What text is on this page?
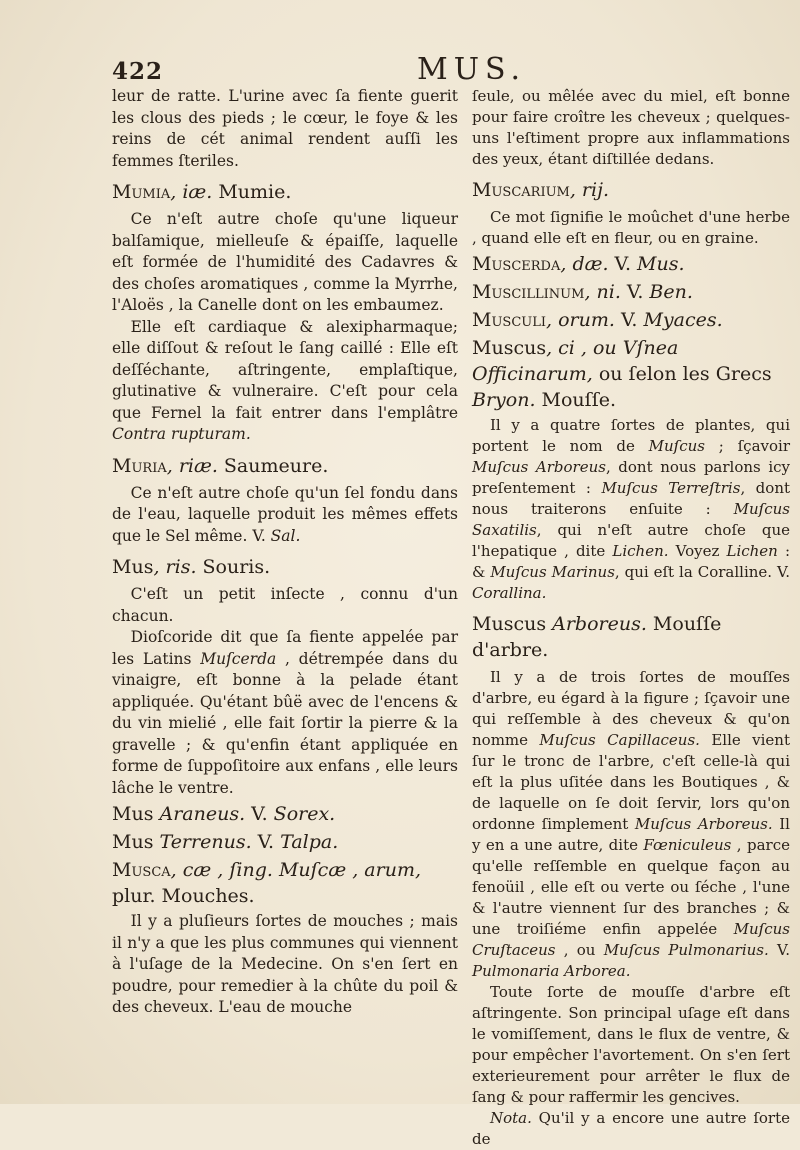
422	MUS.

leur de ratte. L'urine avec ſa fiente guerit les clous des pieds ; le cœur, le foye & les reins de cét animal rendent auſſi les femmes ſteriles.

Mumia, iæ. Mumie.

Ce n'eſt autre choſe qu'une liqueur balſamique, mielleuſe & épaiſſe, laquelle eſt formée de l'humidité des Cadavres & des choſes aromatiques , comme la Myrrhe, l'Aloës , la Canelle dont on les embaumez.

Elle eſt cardiaque & alexipharmaque; elle diſſout & reſout le ſang caillé : Elle eſt deſſéchante, aſtringente, emplaſtique, glutinative & vulneraire. C'eſt pour cela que Fernel la fait entrer dans l'emplâtre Contra rupturam.

Muria, riæ. Saumeure.

Ce n'eſt autre choſe qu'un ſel fondu dans de l'eau, laquelle produit les mêmes effets que le Sel même. V. Sal.

Mus, ris. Souris.

C'eſt un petit inſecte , connu d'un chacun.

Dioſcoride dit que ſa fiente appelée par les Latins Muſcerda , détrempée dans du vinaigre, eſt bonne à la pelade étant appliquée. Qu'étant bûë avec de l'encens & du vin mielié , elle fait ſortir la pierre & la gravelle ; & qu'enfin étant appliquée en forme de ſuppoſitoire aux enfans , elle leurs lâche le ventre.

Mus Araneus. V. Sorex.
Mus Terrenus. V. Talpa.
Musca, cæ , ſing. Muſcæ , arum, plur. Mouches.

Il y a pluſieurs ſortes de mouches ; mais il n'y a que les plus communes qui viennent à l'uſage de la Medecine. On s'en ſert en poudre, pour remedier à la chûte du poil & des cheveux. L'eau de mouche

ſeule, ou mêlée avec du miel, eſt bonne pour faire croître les cheveux ; quelques-uns l'eſtiment propre aux inflammations des yeux, étant diſtillée dedans.

Muscarium, rij.

Ce mot ſignifie le moûchet d'une herbe , quand elle eſt en fleur, ou en graine.

Muscerda, dæ. V. Mus.
Muscillinum, ni. V. Ben.
Musculi, orum. V. Myaces.
Muscus, ci , ou Vſnea Officinarum, ou ſelon les Grecs Bryon. Mouſſe.

Il y a quatre ſortes de plantes, qui portent le nom de Muſcus ; ſçavoir Muſcus Arboreus, dont nous parlons icy preſentement : Muſcus Terreſtris, dont nous traiterons enſuite : Muſcus Saxatilis, qui n'eſt autre choſe que l'hepatique , dite Lichen. Voyez Lichen : & Muſcus Marinus, qui eſt la Coralline. V. Corallina.

Muscus Arboreus. Mouſſe d'arbre.

Il y a de trois ſortes de mouſſes d'arbre, eu égard à la figure ; ſçavoir une qui reſſemble à des cheveux & qu'on nomme Muſcus Capillaceus. Elle vient ſur le tronc de l'arbre, c'eſt celle-là qui eſt la plus uſitée dans les Boutiques , & de laquelle on ſe doit ſervir, lors qu'on ordonne ſimplement Muſcus Arboreus. Il y en a une autre, dite Fœniculeus , parce qu'elle reſſemble en quelque façon au fenoüil , elle eſt ou verte ou ſéche , l'une & l'autre viennent ſur des branches ; & une troiſiéme enfin appelée Muſcus Cruſtaceus , ou Muſcus Pulmonarius. V. Pulmonaria Arborea.

Toute ſorte de mouſſe d'arbre eſt aſtringente. Son principal uſage eſt dans le vomiſſement, dans le flux de ventre, & pour empêcher l'avortement. On s'en ſert exterieurement pour arrêter le flux de ſang & pour raffermir les gencives.

Nota. Qu'il y a encore une autre ſorte de
